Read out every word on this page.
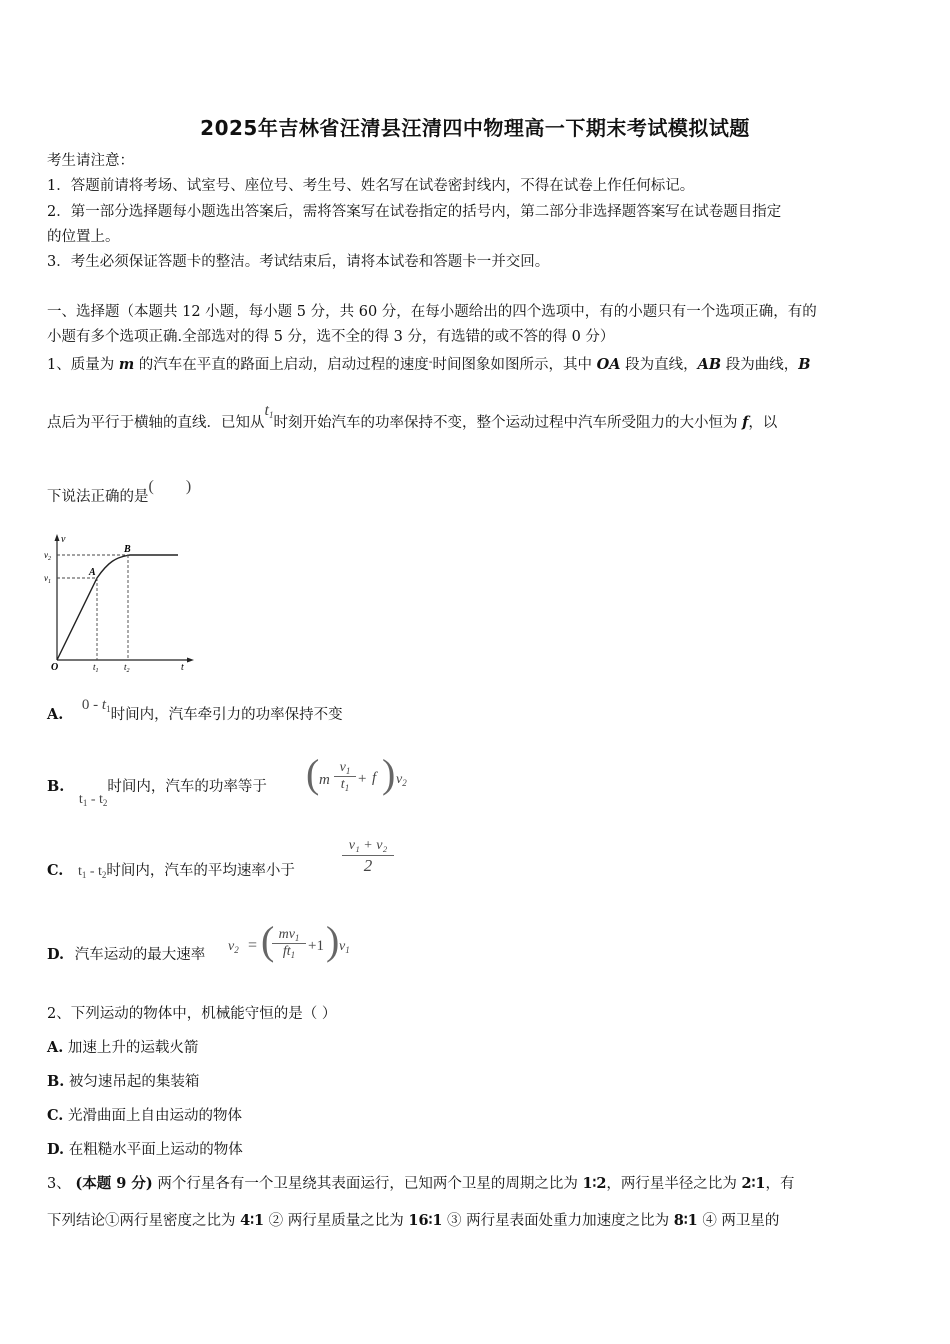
2025年吉林省汪清县汪清四中物理高一下期末考试模拟试题
考生请注意：
1．答题前请将考场、试室号、座位号、考生号、姓名写在试卷密封线内，不得在试卷上作任何标记。
2．第一部分选择题每小题选出答案后，需将答案写在试卷指定的括号内，第二部分非选择题答案写在试卷题目指定
的位置上。
3．考生必须保证答题卡的整洁。考试结束后，请将本试卷和答题卡一并交回。
一、选择题（本题共 12 小题，每小题 5 分，共 60 分，在每小题给出的四个选项中，有的小题只有一个选项正确，有的
小题有多个选项正确.全部选对的得 5 分，选不全的得 3 分，有选错的或不答的得 0 分）
1、质量为 m 的汽车在平直的路面上启动，启动过程的速度-时间图象如图所示，其中 OA 段为直线，AB 段为曲线，B
点后为平行于横轴的直线．已知从$t_1$时刻开始汽车的功率保持不变，整个运动过程中汽车所受阻力的大小恒为 f，以
下说法正确的是(　　)
v
$v_2$
$v_1$
A
B
O	$t_1$	$t_2$	t
A. $0 - t_1$时间内，汽车牵引力的功率保持不变
B. $t_1 - t_2$时间内，汽车的功率等于 ( m $\frac{v_1}{t_1} + f$ ) $v_2$
C. $t_1 - t_2$时间内，汽车的平均速率小于
v₁ + v₂
2
D. 汽车运动的最大速率
$v_2$ = (
$\frac{mv_1}{ft_1} +1$ ) $v_1$
2、下列运动的物体中，机械能守恒的是（ ）
A. 加速上升的运载火箭
B. 被匀速吊起的集装箱
C. 光滑曲面上自由运动的物体
D. 在粗糙水平面上运动的物体
3、 (本题 9 分) 两个行星各有一个卫星绕其表面运行，已知两个卫星的周期之比为 1∶2，两行星半径之比为 2∶1，有
下列结论①两行星密度之比为 4∶1 ② 两行星质量之比为 16∶1 ③ 两行星表面处重力加速度之比为 8∶1 ④ 两卫星的
